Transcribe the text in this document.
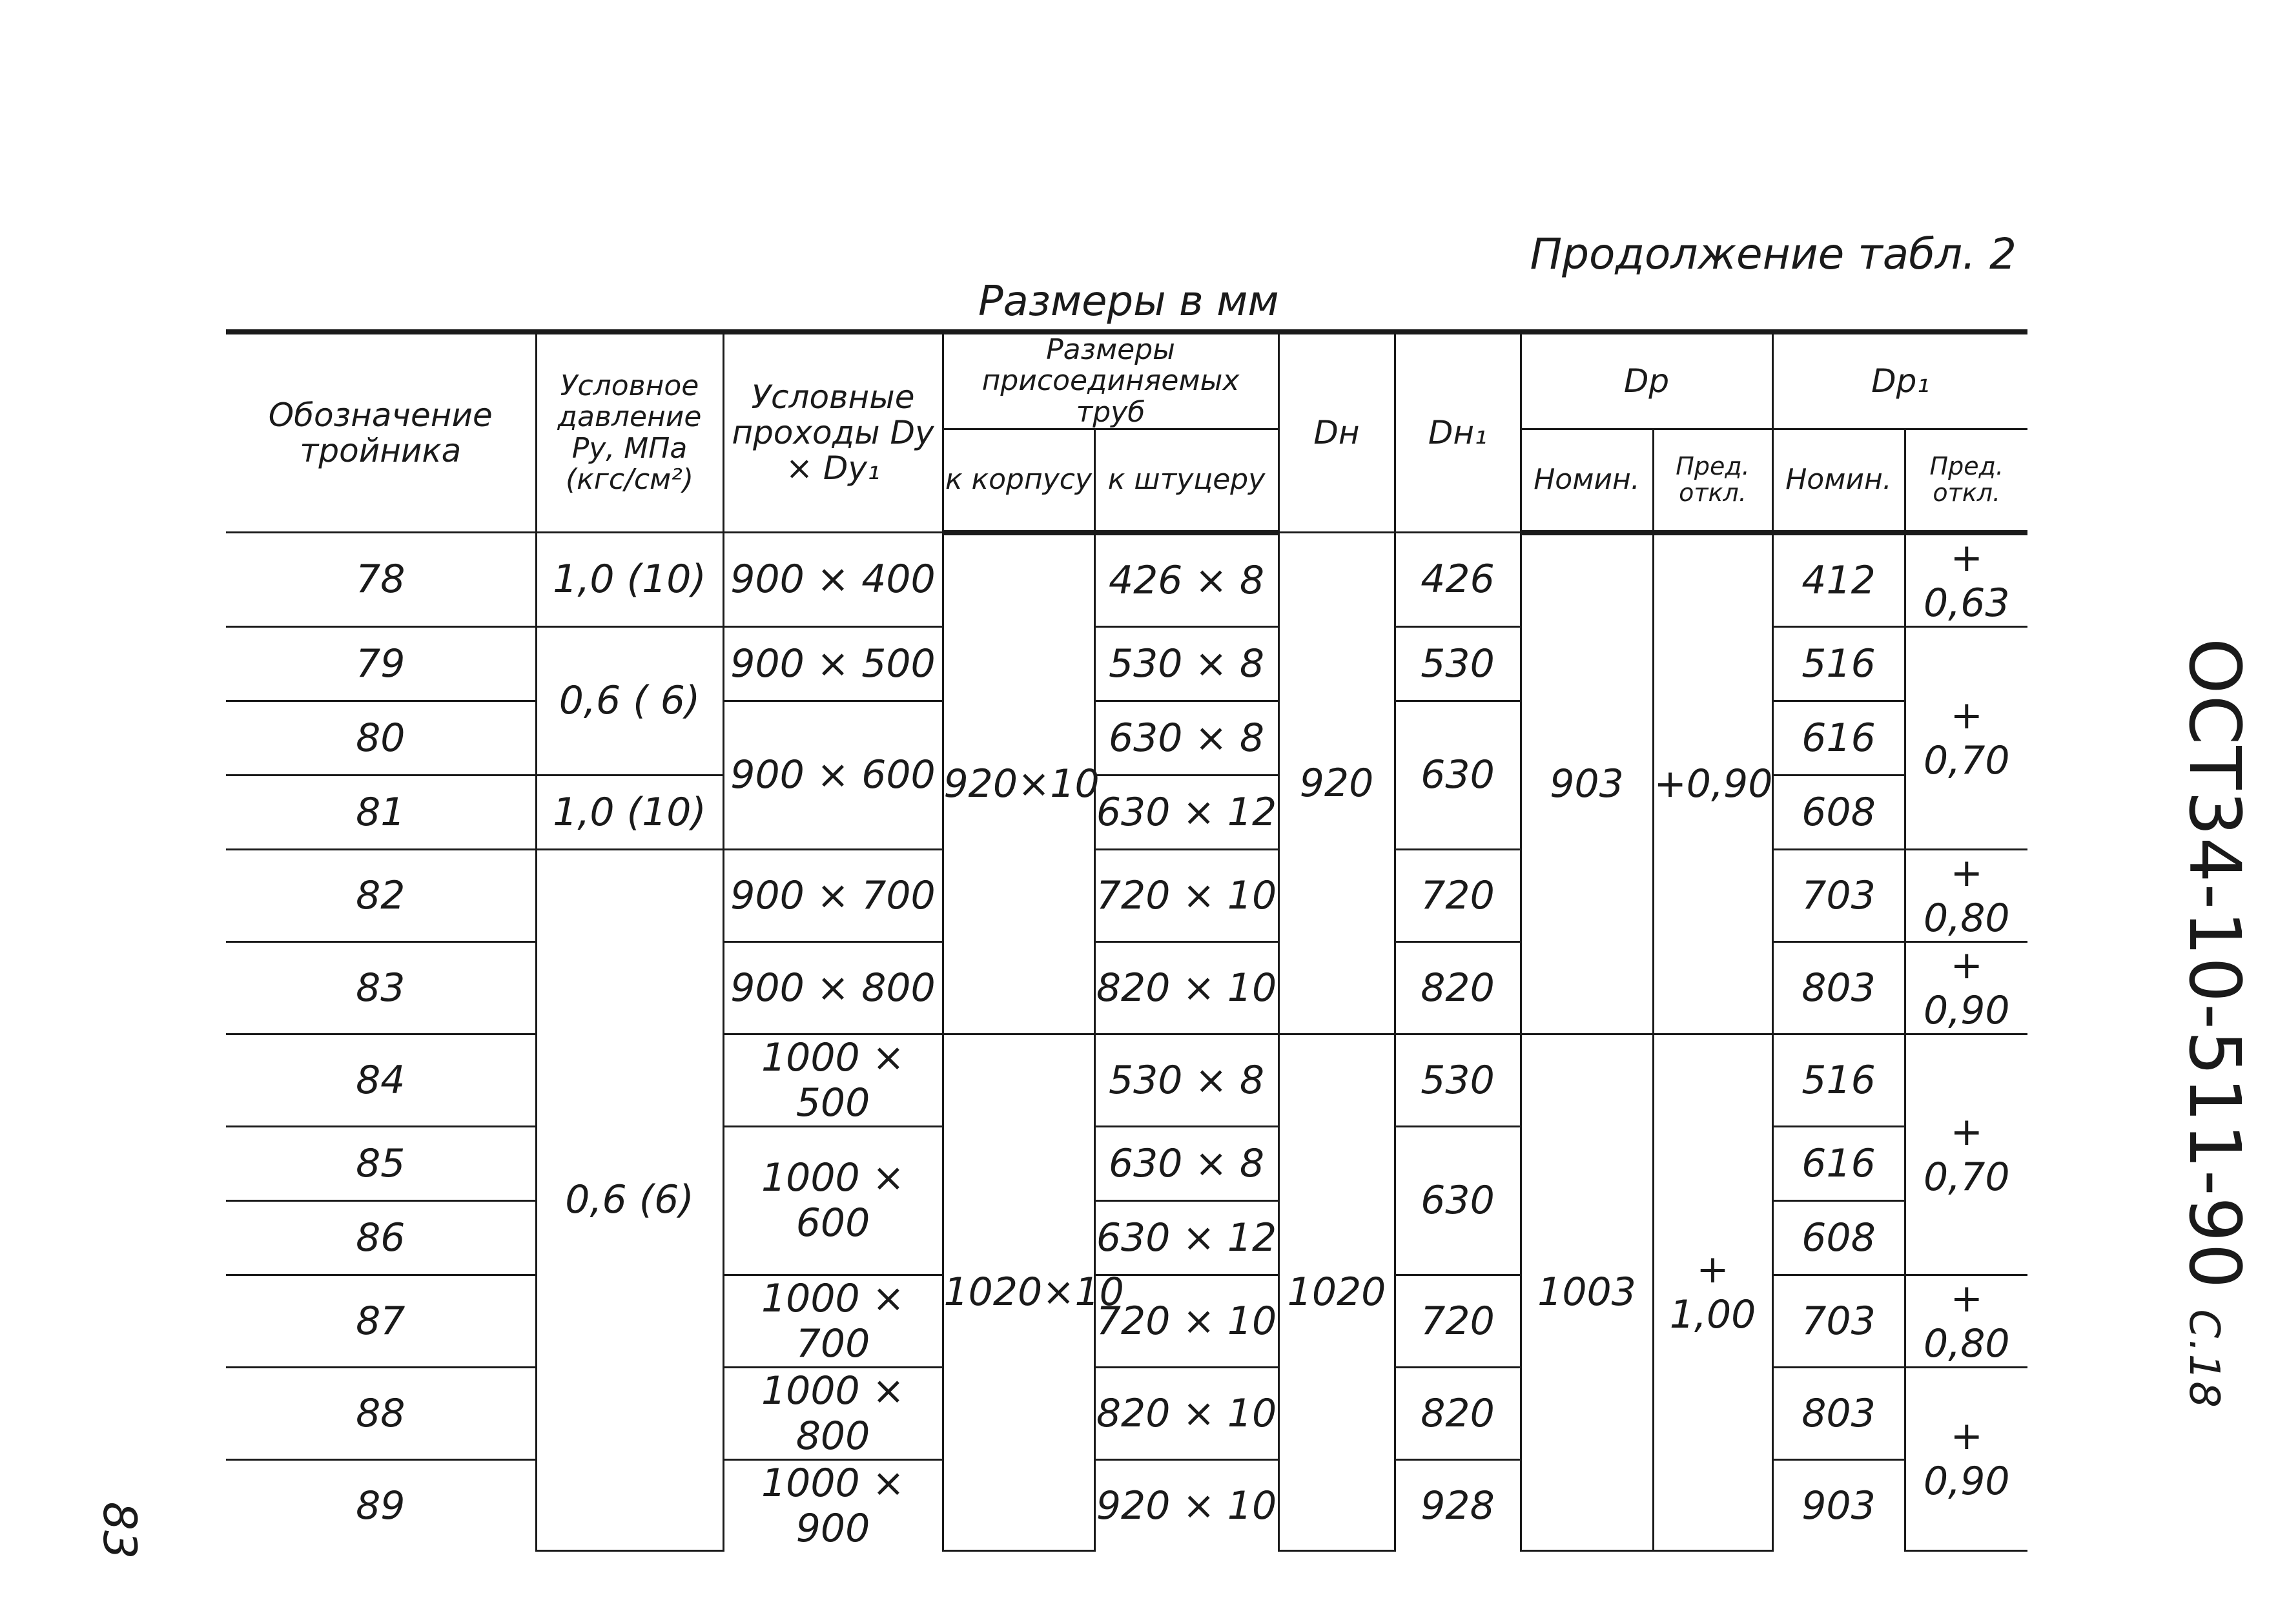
Продолжение табл. 2
Размеры в мм
ОСТ34-10-511-90С.18
83
Обозначение тройника	Условное давление Ру, МПа (кгс/см²)	Условные проходы Dу × Dу₁	Размеры присоединяемых труб		Dн	Dн₁	Dр		Dр₁	
			к корпусу	к штуцеру			Номин.	Пред. откл.	Номин.	Пред. откл.
78	1,0 (10)	900 × 400	920×10	426 × 8	920	426	903	+0,90	412	+ 0,63
79	0,6 ( 6)	900 × 500		530 × 8		530			516	+ 0,70
80		900 × 600		630 × 8		630			616	
81	1,0 (10)			630 × 12					608	
82	0,6 (6)	900 × 700		720 × 10		720			703	+ 0,80
83		900 × 800		820 × 10		820			803	+ 0,90
84		1000 × 500	1020×10	530 × 8	1020	530	1003	+ 1,00	516	+ 0,70
85		1000 × 600		630 × 8		630			616	
86				630 × 12					608	
87		1000 × 700		720 × 10		720			703	+ 0,80
88		1000 × 800		820 × 10		820			803	+ 0,90
89		1000 × 900		920 × 10		928			903	
